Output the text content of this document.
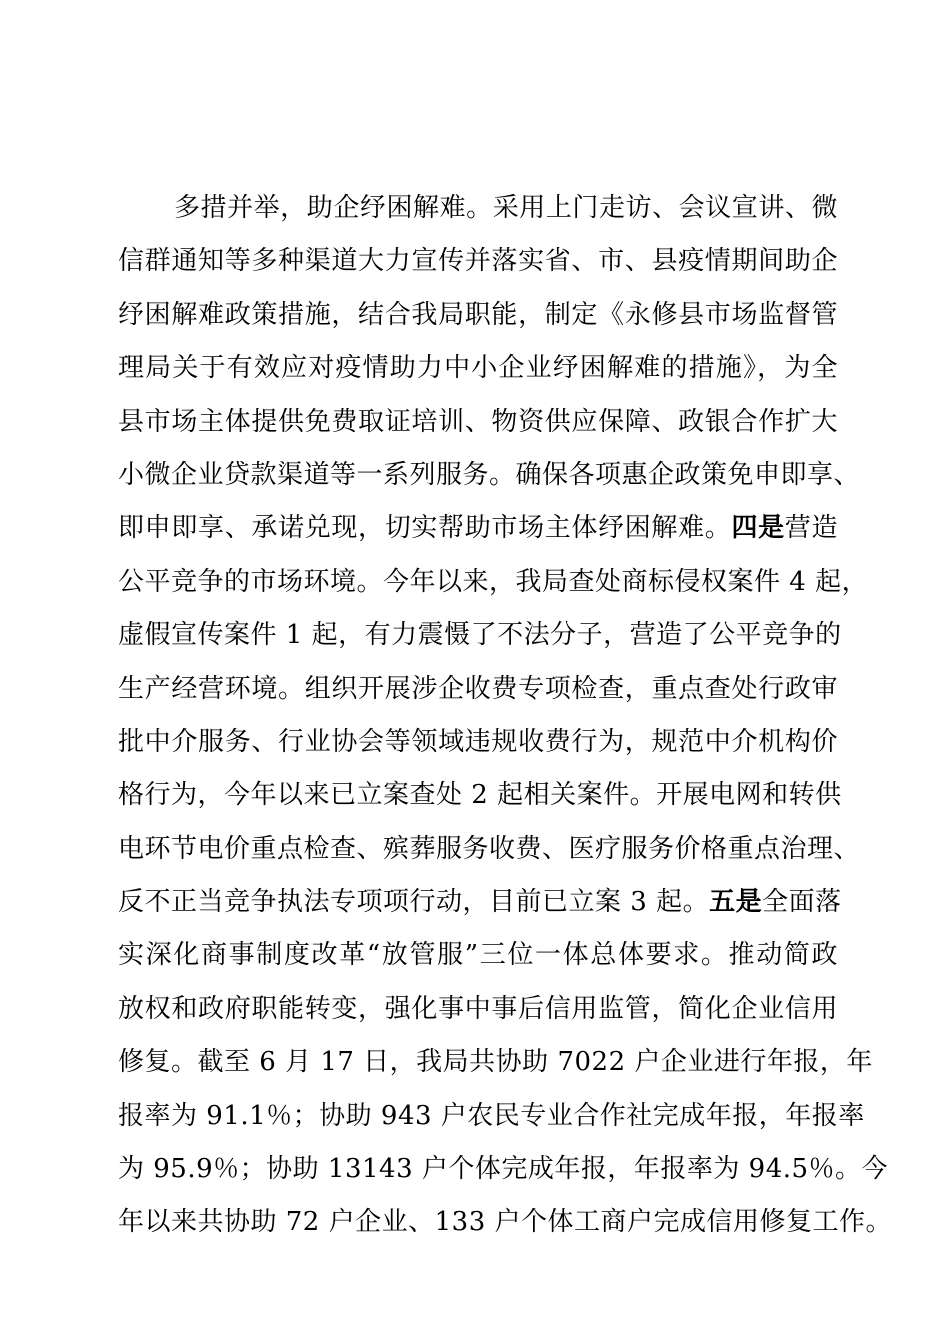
多措并举，助企纾困解难。采用上门走访、会议宣讲、微
信群通知等多种渠道大力宣传并落实省、市、县疫情期间助企
纾困解难政策措施，结合我局职能，制定《永修县市场监督管
理局关于有效应对疫情助力中小企业纾困解难的措施》，为全
县市场主体提供免费取证培训、物资供应保障、政银合作扩大
小微企业贷款渠道等一系列服务。确保各项惠企政策免申即享、
即申即享、承诺兑现，切实帮助市场主体纾困解难。四是营造
公平竞争的市场环境。今年以来，我局查处商标侵权案件 4 起，
虚假宣传案件 1 起，有力震慑了不法分子，营造了公平竞争的
生产经营环境。组织开展涉企收费专项检查，重点查处行政审
批中介服务、行业协会等领域违规收费行为，规范中介机构价
格行为，今年以来已立案查处 2 起相关案件。开展电网和转供
电环节电价重点检查、殡葬服务收费、医疗服务价格重点治理、
反不正当竞争执法专项项行动，目前已立案 3 起。五是全面落
实深化商事制度改革“放管服”三位一体总体要求。推动简政
放权和政府职能转变，强化事中事后信用监管，简化企业信用
修复。截至 6 月 17 日，我局共协助 7022 户企业进行年报，年
报率为 91.1％；协助 943 户农民专业合作社完成年报，年报率
为 95.9％；协助 13143 户个体完成年报，年报率为 94.5％。今
年以来共协助 72 户企业、133 户个体工商户完成信用修复工作。
